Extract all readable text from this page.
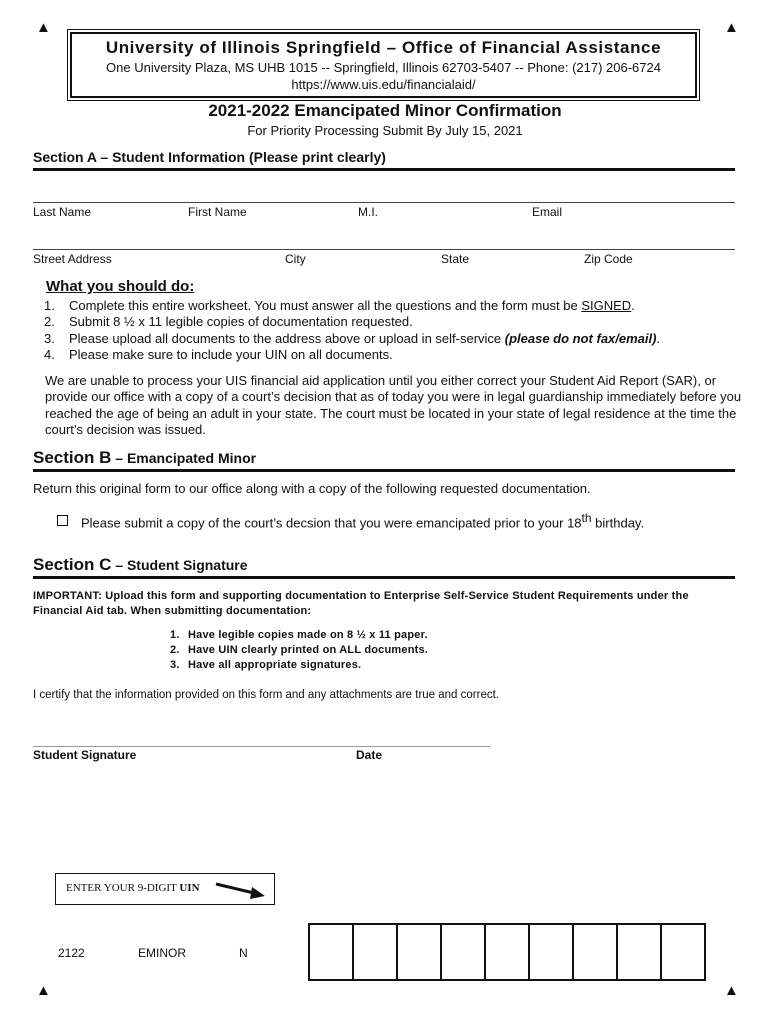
▲	▲
▲	▲
University of Illinois Springfield – Office of Financial Assistance
One University Plaza, MS UHB 1015 -- Springfield, Illinois 62703-5407 -- Phone: (217) 206-6724
https://www.uis.edu/financialaid/
2021-2022 Emancipated Minor Confirmation
For Priority Processing Submit By July 15, 2021
Section A – Student Information (Please print clearly)
Last Name	First Name	M.I.	Email
Street Address	City	State	Zip Code
What you should do:
1.	Complete this entire worksheet. You must answer all the questions and the form must be SIGNED.
2.	Submit 8 ½ x 11 legible copies of documentation requested.
3.	Please upload all documents to the address above or upload in self-service (please do not fax/email).
4.	Please make sure to include your UIN on all documents.
We are unable to process your UIS financial aid application until you either correct your Student Aid Report (SAR), or provide our office with a copy of a court’s decision that as of today you were in legal guardianship immediately before you reached the age of being an adult in your state. The court must be located in your state of legal residence at the time the court’s decision was issued.
Section B – Emancipated Minor
Return this original form to our office along with a copy of the following requested documentation.
Please submit a copy of the court’s decsion that you were emancipated prior to your 18th birthday.
Section C – Student Signature
IMPORTANT: Upload this form and supporting documentation to Enterprise Self-Service Student Requirements under the Financial Aid tab. When submitting documentation:
1. Have legible copies made on 8 ½ x 11 paper.
2. Have UIN clearly printed on ALL documents.
3. Have all appropriate signatures.
I certify that the information provided on this form and any attachments are true and correct.
Student Signature	Date
ENTER YOUR 9-DIGIT UIN
2122	EMINOR	N
